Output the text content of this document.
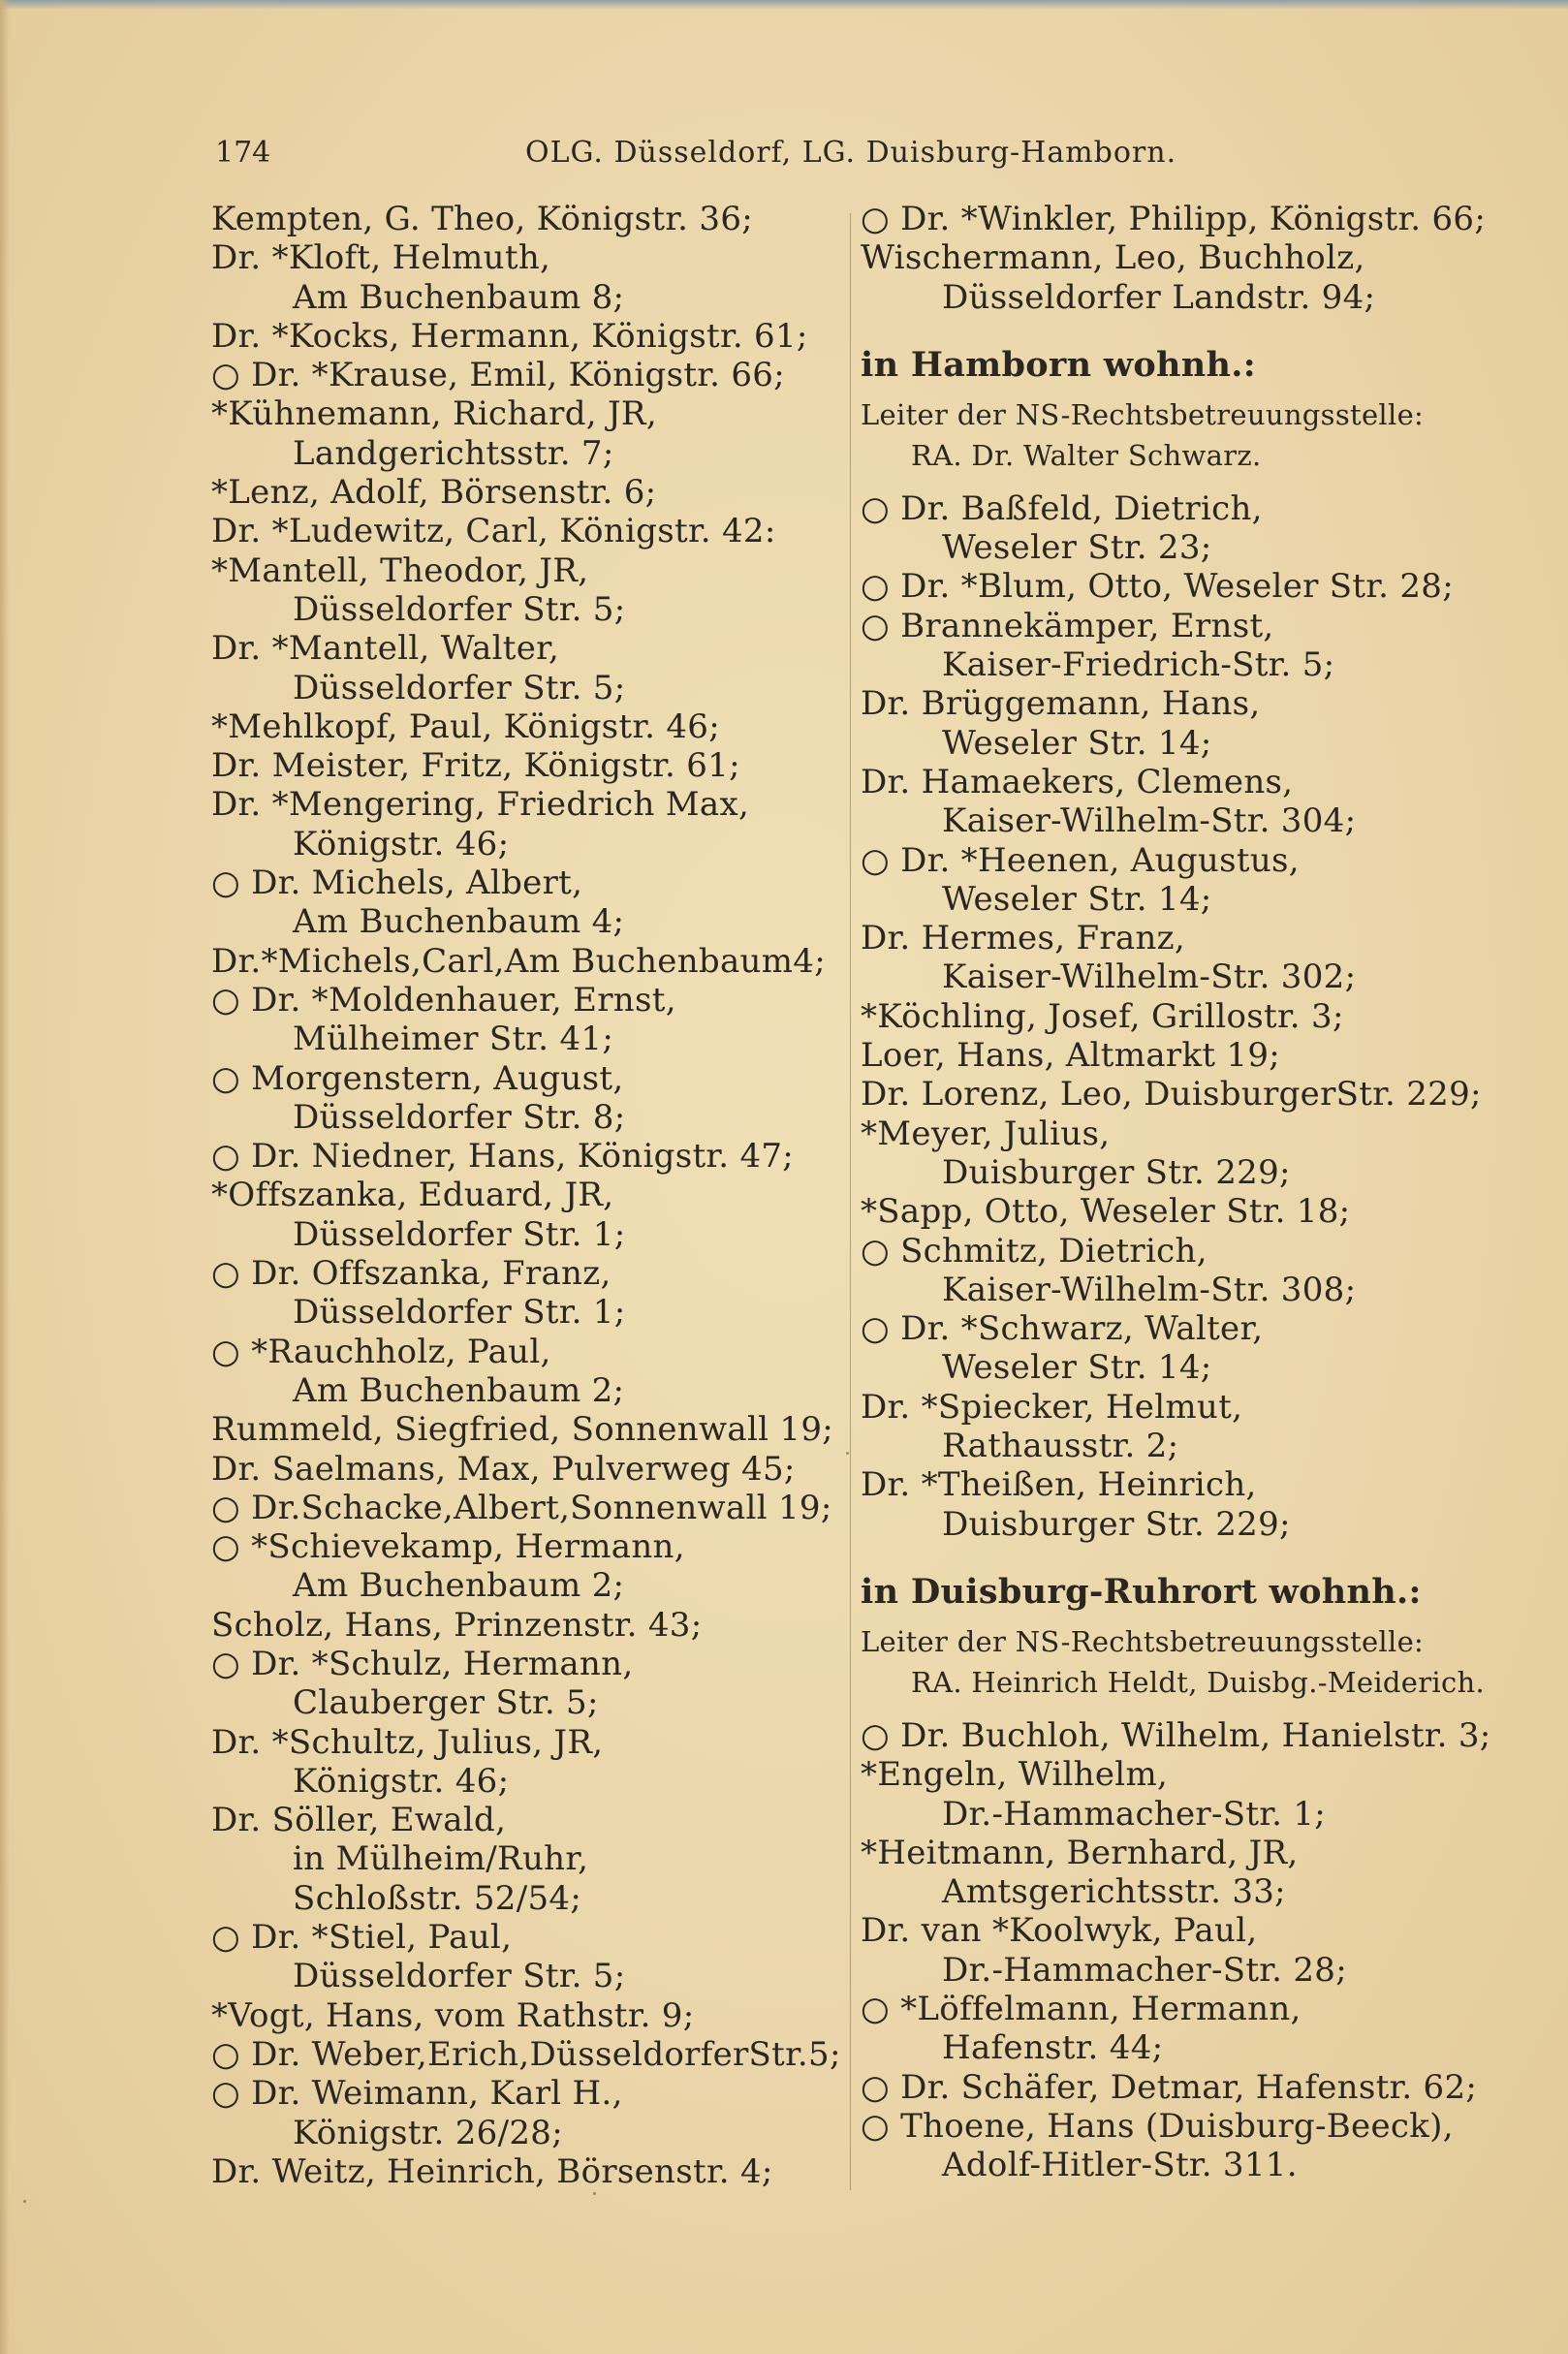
174	OLG. Düsseldorf, LG. Duisburg-Hamborn.
Kempten, G. Theo, Königstr. 36;
Dr. *Kloft, Helmuth,
Am Buchenbaum 8;
Dr. *Kocks, Hermann, Königstr. 61;
○ Dr. *Krause, Emil, Königstr. 66;
*Kühnemann, Richard, JR,
Landgerichtsstr. 7;
*Lenz, Adolf, Börsenstr. 6;
Dr. *Ludewitz, Carl, Königstr. 42:
*Mantell, Theodor, JR,
Düsseldorfer Str. 5;
Dr. *Mantell, Walter,
Düsseldorfer Str. 5;
*Mehlkopf, Paul, Königstr. 46;
Dr. Meister, Fritz, Königstr. 61;
Dr. *Mengering, Friedrich Max,
Königstr. 46;
○ Dr. Michels, Albert,
Am Buchenbaum 4;
Dr.*Michels,Carl,Am Buchenbaum4;
○ Dr. *Moldenhauer, Ernst,
Mülheimer Str. 41;
○ Morgenstern, August,
Düsseldorfer Str. 8;
○ Dr. Niedner, Hans, Königstr. 47;
*Offszanka, Eduard, JR,
Düsseldorfer Str. 1;
○ Dr. Offszanka, Franz,
Düsseldorfer Str. 1;
○ *Rauchholz, Paul,
Am Buchenbaum 2;
Rummeld, Siegfried, Sonnenwall 19;
Dr. Saelmans, Max, Pulverweg 45;
○ Dr.Schacke,Albert,Sonnenwall 19;
○ *Schievekamp, Hermann,
Am Buchenbaum 2;
Scholz, Hans, Prinzenstr. 43;
○ Dr. *Schulz, Hermann,
Clauberger Str. 5;
Dr. *Schultz, Julius, JR,
Königstr. 46;
Dr. Söller, Ewald,
in Mülheim/Ruhr,
Schloßstr. 52/54;
○ Dr. *Stiel, Paul,
Düsseldorfer Str. 5;
*Vogt, Hans, vom Rathstr. 9;
○ Dr. Weber,Erich,DüsseldorferStr.5;
○ Dr. Weimann, Karl H.,
Königstr. 26/28;
Dr. Weitz, Heinrich, Börsenstr. 4;
○ Dr. *Winkler, Philipp, Königstr. 66;
Wischermann, Leo, Buchholz,
Düsseldorfer Landstr. 94;
in Hamborn wohnh.:
Leiter der NS-Rechtsbetreuungsstelle:
RA. Dr. Walter Schwarz.
○ Dr. Baßfeld, Dietrich,
Weseler Str. 23;
○ Dr. *Blum, Otto, Weseler Str. 28;
○ Brannekämper, Ernst,
Kaiser-Friedrich-Str. 5;
Dr. Brüggemann, Hans,
Weseler Str. 14;
Dr. Hamaekers, Clemens,
Kaiser-Wilhelm-Str. 304;
○ Dr. *Heenen, Augustus,
Weseler Str. 14;
Dr. Hermes, Franz,
Kaiser-Wilhelm-Str. 302;
*Köchling, Josef, Grillostr. 3;
Loer, Hans, Altmarkt 19;
Dr. Lorenz, Leo, DuisburgerStr. 229;
*Meyer, Julius,
Duisburger Str. 229;
*Sapp, Otto, Weseler Str. 18;
○ Schmitz, Dietrich,
Kaiser-Wilhelm-Str. 308;
○ Dr. *Schwarz, Walter,
Weseler Str. 14;
Dr. *Spiecker, Helmut,
Rathausstr. 2;
Dr. *Theißen, Heinrich,
Duisburger Str. 229;
in Duisburg-Ruhrort wohnh.:
Leiter der NS-Rechtsbetreuungsstelle:
RA. Heinrich Heldt, Duisbg.-Meiderich.
○ Dr. Buchloh, Wilhelm, Hanielstr. 3;
*Engeln, Wilhelm,
Dr.-Hammacher-Str. 1;
*Heitmann, Bernhard, JR,
Amtsgerichtsstr. 33;
Dr. van *Koolwyk, Paul,
Dr.-Hammacher-Str. 28;
○ *Löffelmann, Hermann,
Hafenstr. 44;
○ Dr. Schäfer, Detmar, Hafenstr. 62;
○ Thoene, Hans (Duisburg-Beeck),
Adolf-Hitler-Str. 311.
